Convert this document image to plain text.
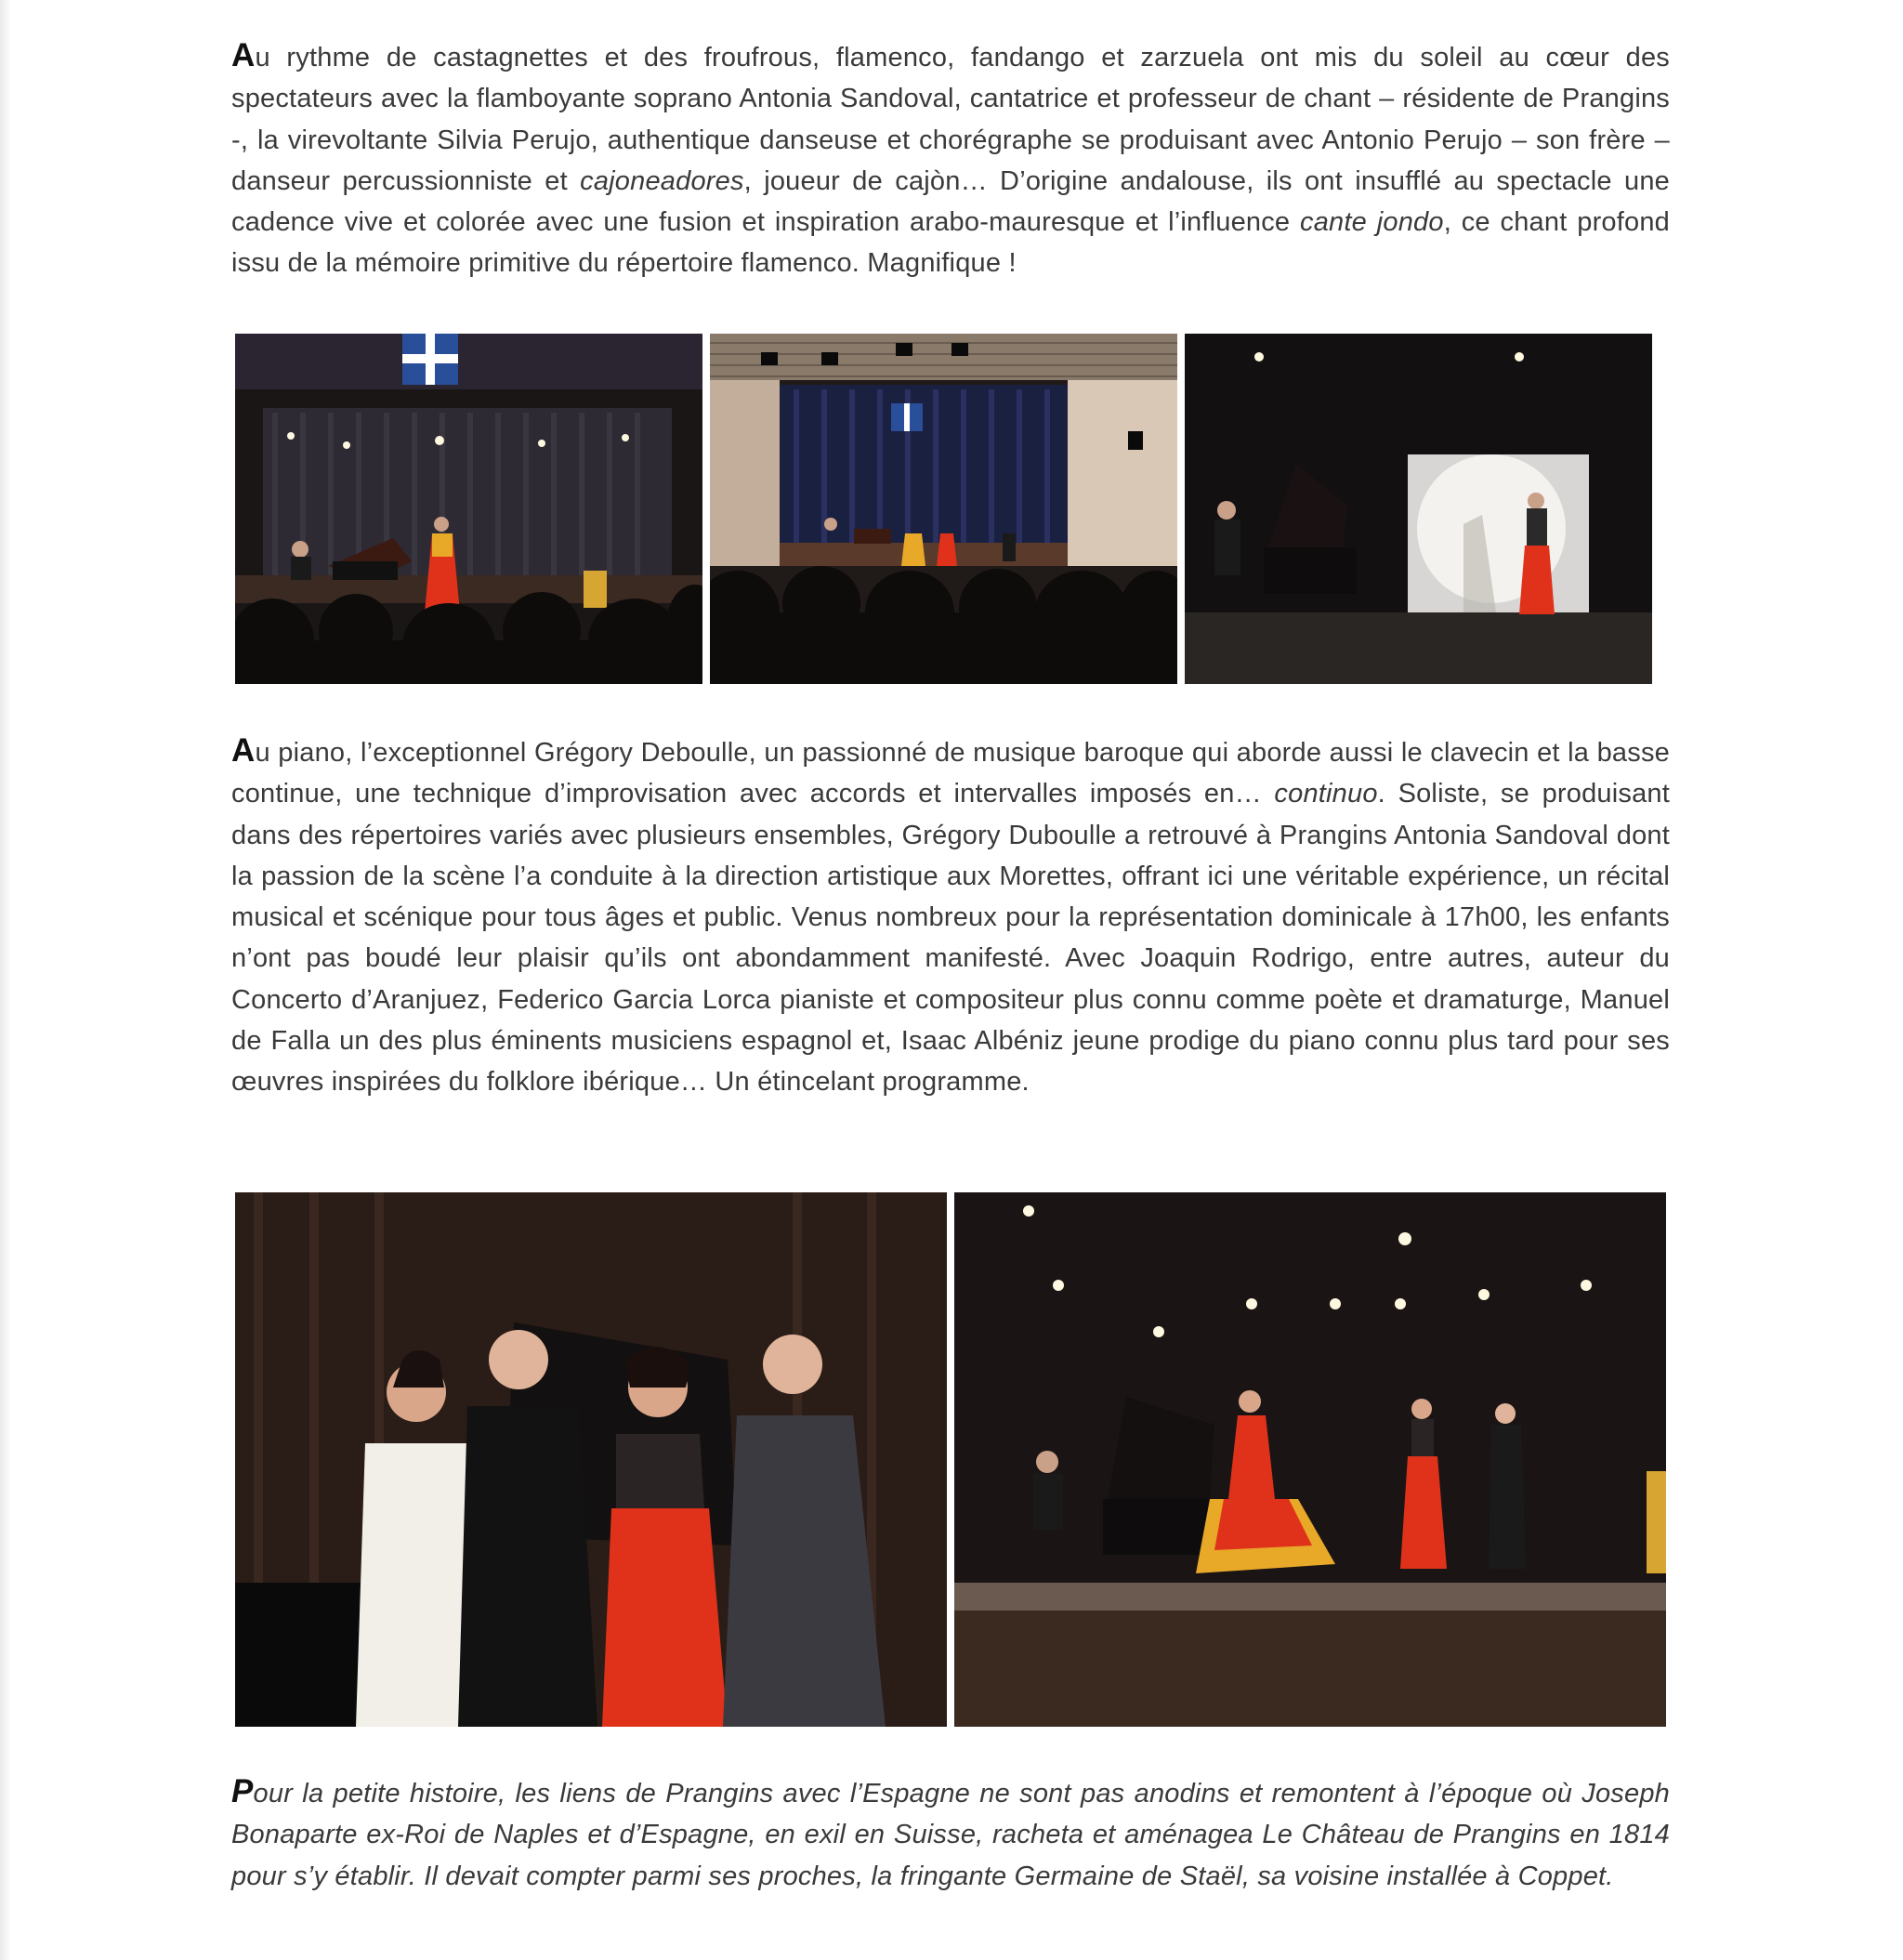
Au rythme de castagnettes et des froufrous, flamenco, fandango et zarzuela ont mis du soleil au cœur des spectateurs avec la flamboyante soprano Antonia Sandoval, cantatrice et professeur de chant – résidente de Prangins -, la virevoltante Silvia Perujo, authentique danseuse et chorégraphe se produisant avec Antonio Perujo – son frère – danseur percussionniste et cajoneadores, joueur de cajòn… D’origine andalouse, ils ont insufflé au spectacle une cadence vive et colorée avec une fusion et inspiration arabo-mauresque et l’influence cante jondo, ce chant profond issu de la mémoire primitive du répertoire flamenco. Magnifique !

Au piano, l’exceptionnel Grégory Deboulle, un passionné de musique baroque qui aborde aussi le clavecin et la basse continue, une technique d’improvisation avec accords et intervalles imposés en… continuo. Soliste, se produisant dans des répertoires variés avec plusieurs ensembles, Grégory Duboulle a retrouvé à Prangins Antonia Sandoval dont la passion de la scène l’a conduite à la direction artistique aux Morettes, offrant ici une véritable expérience, un récital musical et scénique pour tous âges et public. Venus nombreux pour la représentation dominicale à 17h00, les enfants n’ont pas boudé leur plaisir qu’ils ont abondamment manifesté. Avec Joaquin Rodrigo, entre autres, auteur du Concerto d’Aranjuez, Federico Garcia Lorca pianiste et compositeur plus connu comme poète et dramaturge, Manuel de Falla un des plus éminents musiciens espagnol et, Isaac Albéniz jeune prodige du piano connu plus tard pour ses œuvres inspirées du folklore ibérique… Un étincelant programme.

Pour la petite histoire, les liens de Prangins avec l’Espagne ne sont pas anodins et remontent à l’époque où Joseph Bonaparte ex-Roi de Naples et d’Espagne, en exil en Suisse, racheta et aménagea Le Château de Prangins en 1814 pour s’y établir. Il devait compter parmi ses proches, la fringante Germaine de Staël, sa voisine installée à Coppet.
